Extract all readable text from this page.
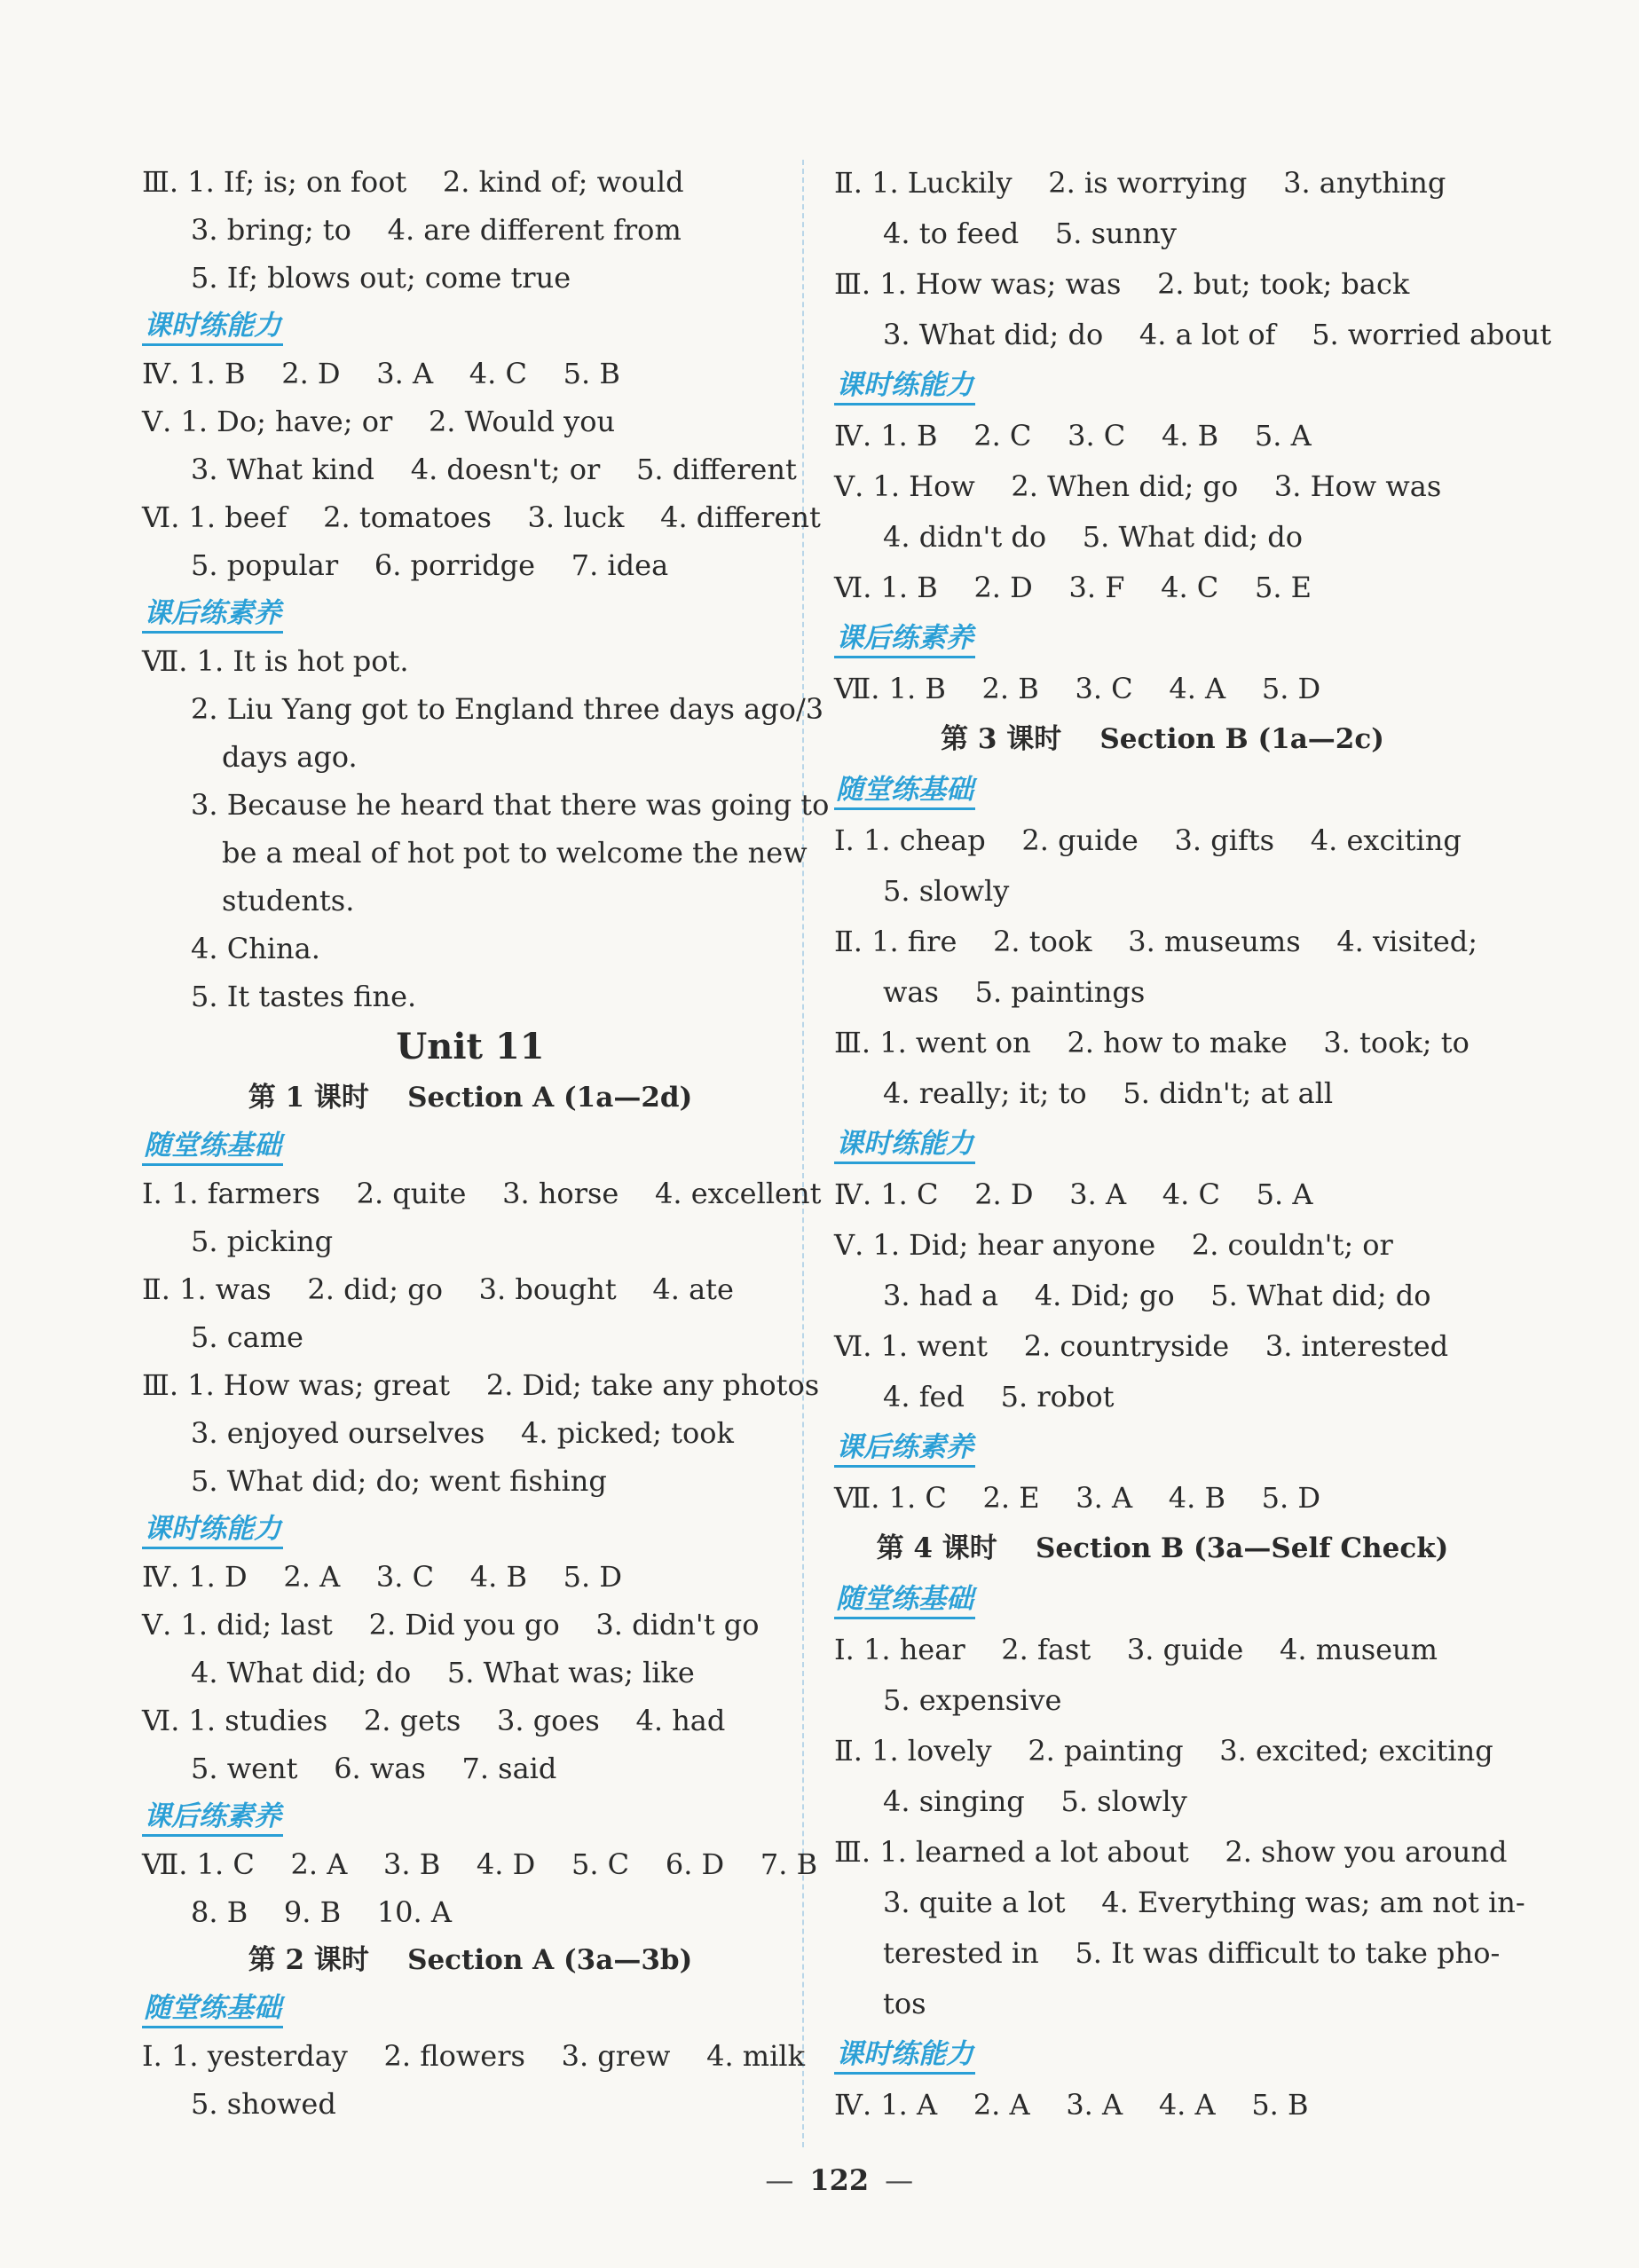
Ⅲ. 1. If; is; on foot    2. kind of; would
3. bring; to    4. are different from
5. If; blows out; come true
课时练能力
Ⅳ. 1. B    2. D    3. A    4. C    5. B
Ⅴ. 1. Do; have; or    2. Would you
3. What kind    4. doesn't; or    5. different
Ⅵ. 1. beef    2. tomatoes    3. luck    4. different
5. popular    6. porridge    7. idea
课后练素养
Ⅶ. 1. It is hot pot.
2. Liu Yang got to England three days ago/3
days ago.
3. Because he heard that there was going to
be a meal of hot pot to welcome the new
students.
4. China.
5. It tastes fine.
Unit 11
第 1 课时    Section A (1a—2d)
随堂练基础
Ⅰ. 1. farmers    2. quite    3. horse    4. excellent
5. picking
Ⅱ. 1. was    2. did; go    3. bought    4. ate
5. came
Ⅲ. 1. How was; great    2. Did; take any photos
3. enjoyed ourselves    4. picked; took
5. What did; do; went fishing
课时练能力
Ⅳ. 1. D    2. A    3. C    4. B    5. D
Ⅴ. 1. did; last    2. Did you go    3. didn't go
4. What did; do    5. What was; like
Ⅵ. 1. studies    2. gets    3. goes    4. had
5. went    6. was    7. said
课后练素养
Ⅶ. 1. C    2. A    3. B    4. D    5. C    6. D    7. B
8. B    9. B    10. A
第 2 课时    Section A (3a—3b)
随堂练基础
Ⅰ. 1. yesterday    2. flowers    3. grew    4. milk
5. showed
Ⅱ. 1. Luckily    2. is worrying    3. anything
4. to feed    5. sunny
Ⅲ. 1. How was; was    2. but; took; back
3. What did; do    4. a lot of    5. worried about
课时练能力
Ⅳ. 1. B    2. C    3. C    4. B    5. A
Ⅴ. 1. How    2. When did; go    3. How was
4. didn't do    5. What did; do
Ⅵ. 1. B    2. D    3. F    4. C    5. E
课后练素养
Ⅶ. 1. B    2. B    3. C    4. A    5. D
第 3 课时    Section B (1a—2c)
随堂练基础
Ⅰ. 1. cheap    2. guide    3. gifts    4. exciting
5. slowly
Ⅱ. 1. fire    2. took    3. museums    4. visited;
was    5. paintings
Ⅲ. 1. went on    2. how to make    3. took; to
4. really; it; to    5. didn't; at all
课时练能力
Ⅳ. 1. C    2. D    3. A    4. C    5. A
Ⅴ. 1. Did; hear anyone    2. couldn't; or
3. had a    4. Did; go    5. What did; do
Ⅵ. 1. went    2. countryside    3. interested
4. fed    5. robot
课后练素养
Ⅶ. 1. C    2. E    3. A    4. B    5. D
第 4 课时    Section B (3a—Self Check)
随堂练基础
Ⅰ. 1. hear    2. fast    3. guide    4. museum
5. expensive
Ⅱ. 1. lovely    2. painting    3. excited; exciting
4. singing    5. slowly
Ⅲ. 1. learned a lot about    2. show you around
3. quite a lot    4. Everything was; am not in-
terested in    5. It was difficult to take pho-
tos
课时练能力
Ⅳ. 1. A    2. A    3. A    4. A    5. B

— 122 —
